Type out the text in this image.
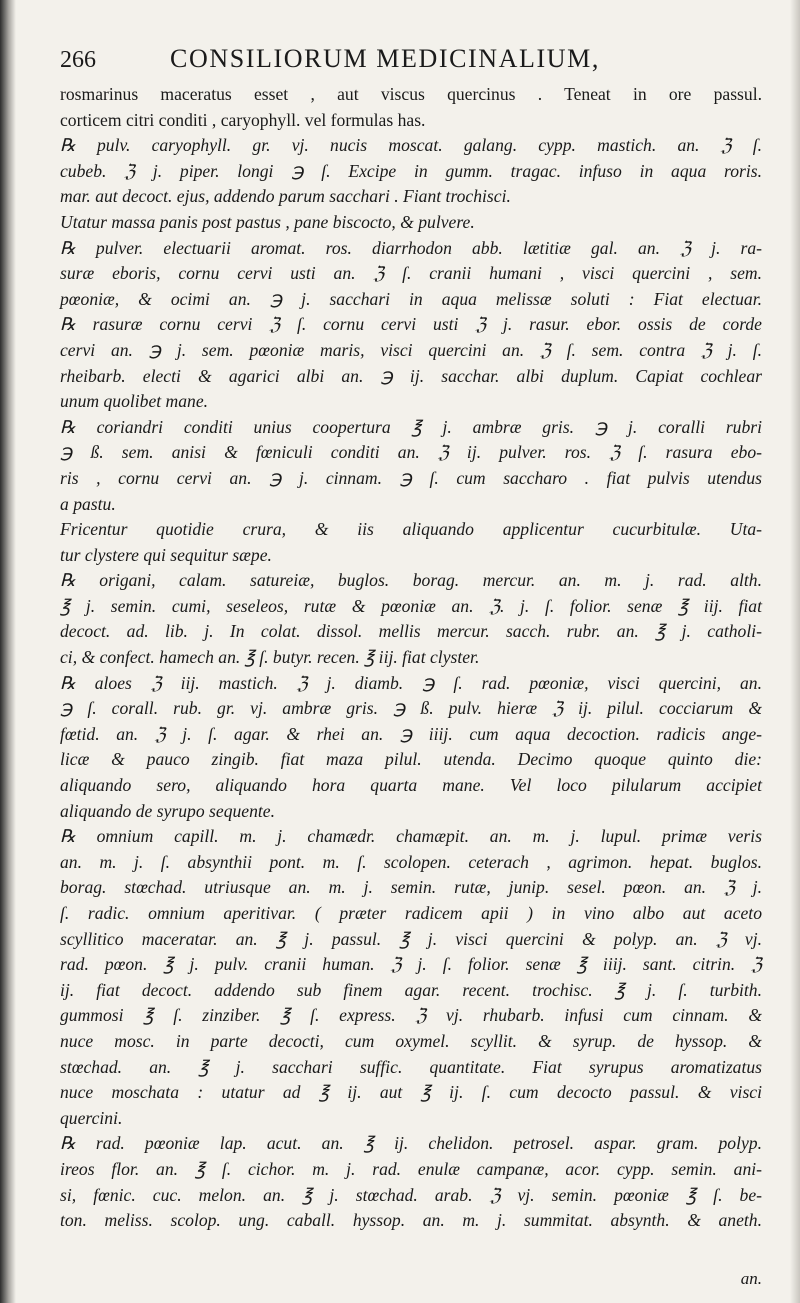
266	CONSILIORUM MEDICINALIUM,
rosmarinus maceratus esset , aut viscus quercinus . Teneat in ore passul.
corticem citri conditi , caryophyll. vel formulas has.
℞ pulv. caryophyll. gr. vj. nucis moscat. galang. cypp. mastich. an. ℨ ſ.
cubeb. ℨ j. piper. longi ℈ ſ. Excipe in gumm. tragac. infuso in aqua roris.
mar. aut decoct. ejus, addendo parum sacchari . Fiant trochisci.
Utatur massa panis post pastus , pane biscocto, & pulvere.
℞ pulver. electuarii aromat. ros. diarrhodon abb. lætitiæ gal. an. ℨ j. ra-
suræ eboris, cornu cervi usti an. ℨ ſ. cranii humani , visci quercini , sem.
pœoniæ, & ocimi an. ℈ j. sacchari in aqua melissæ soluti : Fiat electuar.
℞ rasuræ cornu cervi ℨ ſ. cornu cervi usti ℨ j. rasur. ebor. ossis de corde
cervi an. ℈ j. sem. pœoniæ maris, visci quercini an. ℨ ſ. sem. contra ℨ j. ſ.
rheibarb. electi & agarici albi an. ℈ ij. sacchar. albi duplum. Capiat cochlear
unum quolibet mane.
℞ coriandri conditi unius coopertura ℥ j. ambræ gris. ℈ j. coralli rubri
℈ ß. sem. anisi & fœniculi conditi an. ℨ ij. pulver. ros. ℨ ſ. rasura ebo-
ris , cornu cervi an. ℈ j. cinnam. ℈ ſ. cum saccharo . fiat pulvis utendus
a pastu.
Fricentur quotidie crura, & iis aliquando applicentur cucurbitulæ. Uta-
tur clystere qui sequitur sæpe.
℞ origani, calam. satureiæ, buglos. borag. mercur. an. m. j. rad. alth.
℥ j. semin. cumi, seseleos, rutæ & pœoniæ an. ℨ. j. ſ. folior. senæ ℥ iij. fiat
decoct. ad. lib. j. In colat. dissol. mellis mercur. sacch. rubr. an. ℥ j. catholi-
ci, & confect. hamech an. ℥ ſ. butyr. recen. ℥ iij. fiat clyster.
℞ aloes ℨ iij. mastich. ℨ j. diamb. ℈ ſ. rad. pœoniæ, visci quercini, an.
℈ ſ. corall. rub. gr. vj. ambræ gris. ℈ ß. pulv. hieræ ℨ ij. pilul. cocciarum &
fœtid. an. ℨ j. ſ. agar. & rhei an. ℈ iiij. cum aqua decoction. radicis ange-
licæ & pauco zingib. fiat maza pilul. utenda. Decimo quoque quinto die:
aliquando sero, aliquando hora quarta mane. Vel loco pilularum accipiet
aliquando de syrupo sequente.
℞ omnium capill. m. j. chamædr. chamæpit. an. m. j. lupul. primæ veris
an. m. j. ſ. absynthii pont. m. ſ. scolopen. ceterach , agrimon. hepat. buglos.
borag. stœchad. utriusque an. m. j. semin. rutæ, junip. sesel. pœon. an. ℨ j.
ſ. radic. omnium aperitivar. ( præter radicem apii ) in vino albo aut aceto
scyllitico maceratar. an. ℥ j. passul. ℥ j. visci quercini & polyp. an. ℨ vj.
rad. pœon. ℥ j. pulv. cranii human. ℨ j. ſ. folior. senæ ℥ iiij. sant. citrin. ℨ
ij. fiat decoct. addendo sub finem agar. recent. trochisc. ℥ j. ſ. turbith.
gummosi ℥ ſ. zinziber. ℥ ſ. express. ℨ vj. rhubarb. infusi cum cinnam. &
nuce mosc. in parte decocti, cum oxymel. scyllit. & syrup. de hyssop. &
stœchad. an. ℥ j. sacchari suffic. quantitate. Fiat syrupus aromatizatus
nuce moschata : utatur ad ℥ ij. aut ℥ ij. ſ. cum decocto passul. & visci
quercini.
℞ rad. pœoniæ lap. acut. an. ℥ ij. chelidon. petrosel. aspar. gram. polyp.
ireos flor. an. ℥ ſ. cichor. m. j. rad. enulæ campanæ, acor. cypp. semin. ani-
si, fœnic. cuc. melon. an. ℥ j. stœchad. arab. ℨ vj. semin. pœoniæ ℥ ſ. be-
ton. meliss. scolop. ung. caball. hyssop. an. m. j. summitat. absynth. & aneth.
an.
